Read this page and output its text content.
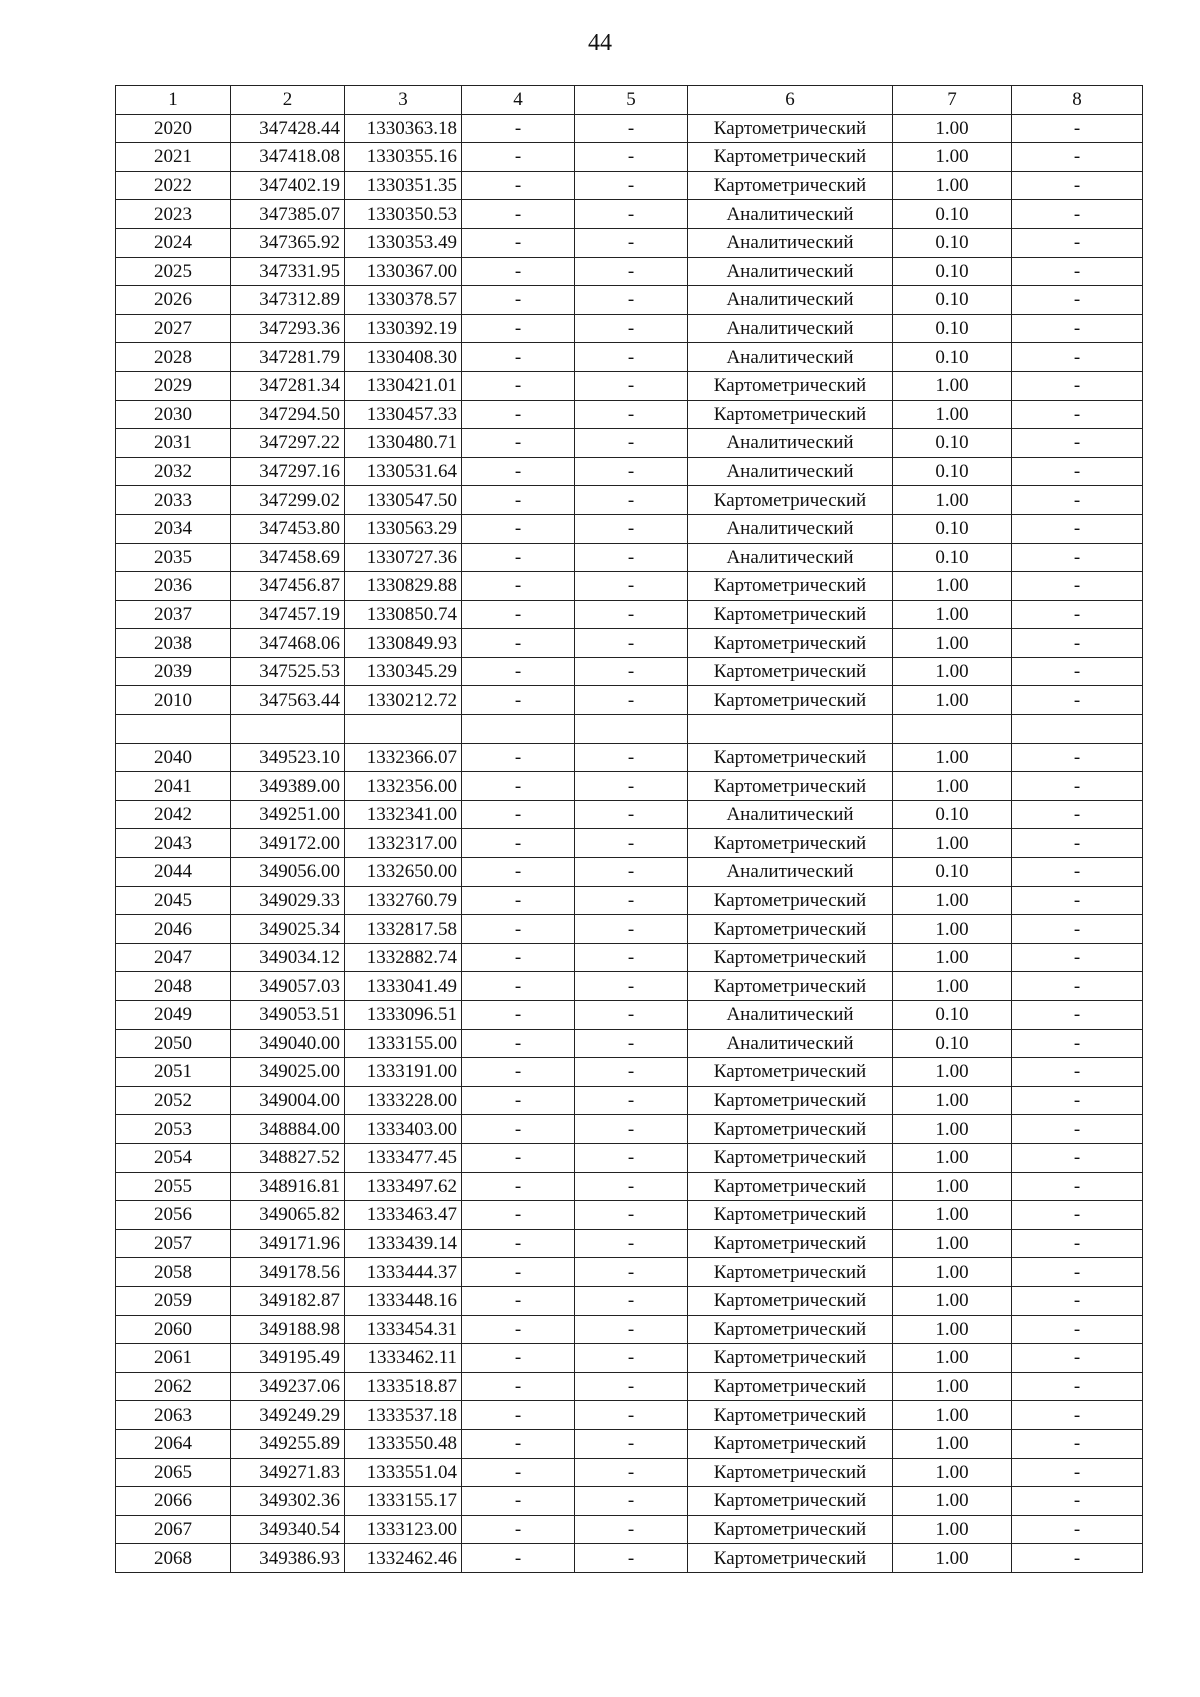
44
1	2	3	4	5	6	7	8
2020	347428.44	1330363.18	-	-	Картометрический	1.00	-
2021	347418.08	1330355.16	-	-	Картометрический	1.00	-
2022	347402.19	1330351.35	-	-	Картометрический	1.00	-
2023	347385.07	1330350.53	-	-	Аналитический	0.10	-
2024	347365.92	1330353.49	-	-	Аналитический	0.10	-
2025	347331.95	1330367.00	-	-	Аналитический	0.10	-
2026	347312.89	1330378.57	-	-	Аналитический	0.10	-
2027	347293.36	1330392.19	-	-	Аналитический	0.10	-
2028	347281.79	1330408.30	-	-	Аналитический	0.10	-
2029	347281.34	1330421.01	-	-	Картометрический	1.00	-
2030	347294.50	1330457.33	-	-	Картометрический	1.00	-
2031	347297.22	1330480.71	-	-	Аналитический	0.10	-
2032	347297.16	1330531.64	-	-	Аналитический	0.10	-
2033	347299.02	1330547.50	-	-	Картометрический	1.00	-
2034	347453.80	1330563.29	-	-	Аналитический	0.10	-
2035	347458.69	1330727.36	-	-	Аналитический	0.10	-
2036	347456.87	1330829.88	-	-	Картометрический	1.00	-
2037	347457.19	1330850.74	-	-	Картометрический	1.00	-
2038	347468.06	1330849.93	-	-	Картометрический	1.00	-
2039	347525.53	1330345.29	-	-	Картометрический	1.00	-
2010	347563.44	1330212.72	-	-	Картометрический	1.00	-

2040	349523.10	1332366.07	-	-	Картометрический	1.00	-
2041	349389.00	1332356.00	-	-	Картометрический	1.00	-
2042	349251.00	1332341.00	-	-	Аналитический	0.10	-
2043	349172.00	1332317.00	-	-	Картометрический	1.00	-
2044	349056.00	1332650.00	-	-	Аналитический	0.10	-
2045	349029.33	1332760.79	-	-	Картометрический	1.00	-
2046	349025.34	1332817.58	-	-	Картометрический	1.00	-
2047	349034.12	1332882.74	-	-	Картометрический	1.00	-
2048	349057.03	1333041.49	-	-	Картометрический	1.00	-
2049	349053.51	1333096.51	-	-	Аналитический	0.10	-
2050	349040.00	1333155.00	-	-	Аналитический	0.10	-
2051	349025.00	1333191.00	-	-	Картометрический	1.00	-
2052	349004.00	1333228.00	-	-	Картометрический	1.00	-
2053	348884.00	1333403.00	-	-	Картометрический	1.00	-
2054	348827.52	1333477.45	-	-	Картометрический	1.00	-
2055	348916.81	1333497.62	-	-	Картометрический	1.00	-
2056	349065.82	1333463.47	-	-	Картометрический	1.00	-
2057	349171.96	1333439.14	-	-	Картометрический	1.00	-
2058	349178.56	1333444.37	-	-	Картометрический	1.00	-
2059	349182.87	1333448.16	-	-	Картометрический	1.00	-
2060	349188.98	1333454.31	-	-	Картометрический	1.00	-
2061	349195.49	1333462.11	-	-	Картометрический	1.00	-
2062	349237.06	1333518.87	-	-	Картометрический	1.00	-
2063	349249.29	1333537.18	-	-	Картометрический	1.00	-
2064	349255.89	1333550.48	-	-	Картометрический	1.00	-
2065	349271.83	1333551.04	-	-	Картометрический	1.00	-
2066	349302.36	1333155.17	-	-	Картометрический	1.00	-
2067	349340.54	1333123.00	-	-	Картометрический	1.00	-
2068	349386.93	1332462.46	-	-	Картометрический	1.00	-
